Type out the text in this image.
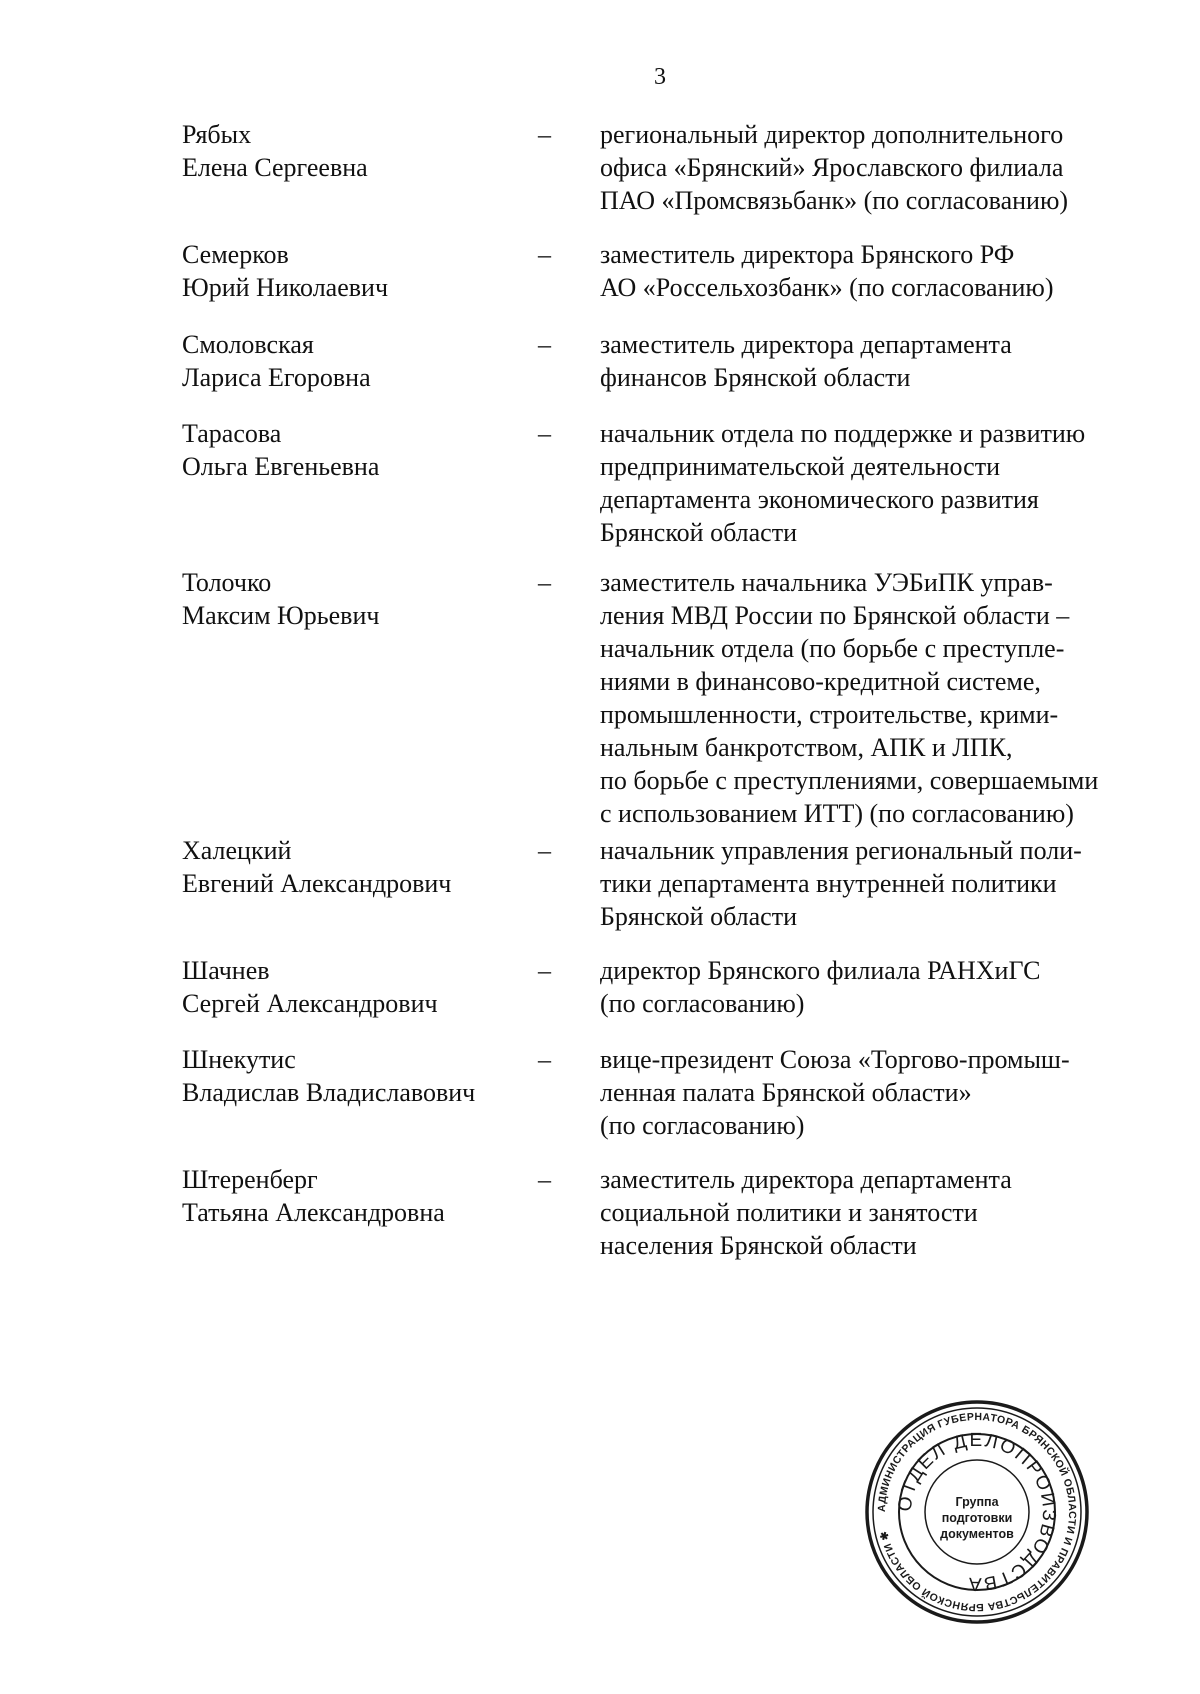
3
Рябых
Елена Сергеевна
– региональный директор дополнительного
офиса «Брянский» Ярославского филиала
ПАО «Промсвязьбанк» (по согласованию)
Семерков
Юрий Николаевич
– заместитель директора Брянского РФ
АО «Россельхозбанк» (по согласованию)
Смоловская
Лариса Егоровна
– заместитель директора департамента
финансов Брянской области
Тарасова
Ольга Евгеньевна
– начальник отдела по поддержке и развитию
предпринимательской деятельности
департамента экономического развития
Брянской области
Толочко
Максим Юрьевич
– заместитель начальника УЭБиПК управ-
ления МВД России по Брянской области –
начальник отдела (по борьбе с преступле-
ниями в финансово-кредитной системе,
промышленности, строительстве, крими-
нальным банкротством, АПК и ЛПК,
по борьбе с преступлениями, совершаемыми
с использованием ИТТ) (по согласованию)
Халецкий
Евгений Александрович
– начальник управления региональный поли-
тики департамента внутренней политики
Брянской области
Шачнев
Сергей Александрович
– директор Брянского филиала РАНХиГС
(по согласованию)
Шнекутис
Владислав Владиславович
– вице-президент Союза «Торгово-промыш-
ленная палата Брянской области»
(по согласованию)
Штеренберг
Татьяна Александровна
– заместитель директора департамента
социальной политики и занятости
населения Брянской области
АДМИНИСТРАЦИЯ ГУБЕРНАТОРА БРЯНСКОЙ ОБЛАСТИ И ПРАВИТЕЛЬСТВА БРЯНСКОЙ ОБЛАСТИ ✱
ОТДЕЛ ДЕЛОПРОИЗВОДСТВА
Группа
подготовки
документов
